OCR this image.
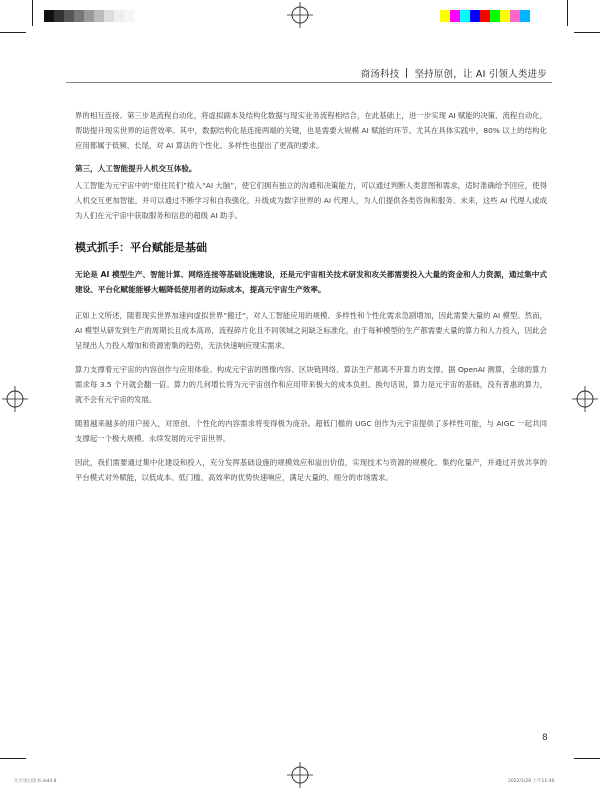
商汤科技 坚持原创，让 AI 引领人类进步

界的相互连接。第三步是流程自动化，将虚拟副本及结构化数据与现实业务流程相结合，在此基础上，进一步实现 AI 赋能的决策、流程自动化，帮助提升现实世界的运营效率。其中，数据结构化是连接两端的关键，也是需要大规模 AI 赋能的环节。尤其在具体实践中，80% 以上的结构化应用都属于低频、长尾，对 AI 算法的个性化、多样性也提出了更高的要求。

第三，人工智能提升人机交互体验。

人工智能为元宇宙中的“原住民们”植入“AI 大脑”，使它们拥有独立的沟通和决策能力，可以通过判断人类意图和需求，适时准确给予回应，使得人机交互更加智能，并可以通过不断学习和自我强化，升级成为数字世界的 AI 代理人，为人们提供各类咨询和服务。未来，这些 AI 代理人或成为人们在元宇宙中获取服务和信息的超级 AI 助手。

模式抓手：平台赋能是基础

无论是 AI 模型生产、智能计算、网络连接等基础设施建设，还是元宇宙相关技术研发和攻关都需要投入大量的资金和人力资源，通过集中式建设、平台化赋能能够大幅降低使用者的边际成本，提高元宇宙生产效率。

正如上文所述，随着现实世界加速向虚拟世界“搬迁”，对人工智能应用的规模、多样性和个性化需求急剧增加，因此需要大量的 AI 模型。然而，AI 模型从研发到生产的周期长且成本高昂，流程碎片化且不同领域之间缺乏标准化，由于每种模型的生产都需要大量的算力和人力投入，因此会呈现出人力投入增加和资源密集的趋势，无法快速响应现实需求。

算力支撑着元宇宙的内容创作与应用体验。构成元宇宙的图像内容、区块链网络、算法生产都离不开算力的支撑。据 OpenAI 测算，全球的算力需求每 3.5 个月就会翻一倍。算力的几何增长将为元宇宙创作和应用带来极大的成本负担。换句话说，算力是元宇宙的基础，没有普惠的算力，就不会有元宇宙的发展。

随着越来越多的用户接入，对原创、个性化的内容需求将变得极为庞杂。超低门槛的 UGC 创作为元宇宙提供了多样性可能，与 AIGC 一起共同支撑起一个极大规模、永续发展的元宇宙世界。

因此，我们需要通过集中化建设和投入，充分发挥基础设施的规模效应和溢出价值，实现技术与资源的规模化、集约化量产，并通过开放共享的平台模式对外赋能，以低成本、低门槛、高效率的优势快速响应，满足大量的、细分的市场需求。

8
元宇宙白皮书.indd 8	2022/1/28 上午11:40
